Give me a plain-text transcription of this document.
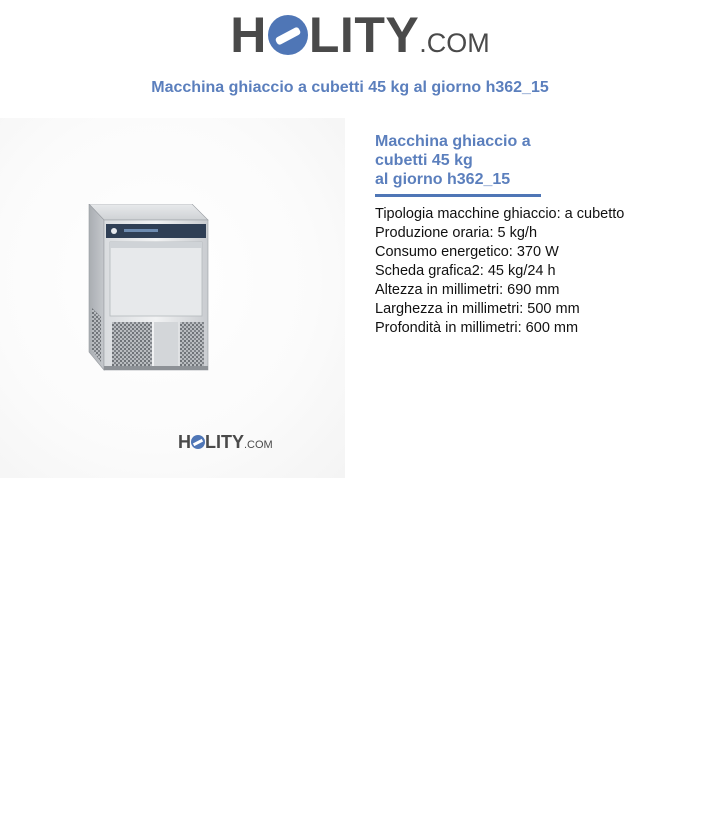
H LITY.COM
Macchina ghiaccio a cubetti 45 kg al giorno h362_15
H LITY.COM
Macchina ghiaccio a
cubetti 45 kg
al giorno h362_15
Tipologia macchine ghiaccio: a cubetto
Produzione oraria: 5 kg/h
Consumo energetico: 370 W
Scheda grafica2: 45 kg/24 h
Altezza in millimetri: 690 mm
Larghezza in millimetri: 500 mm
Profondità in millimetri: 600 mm
